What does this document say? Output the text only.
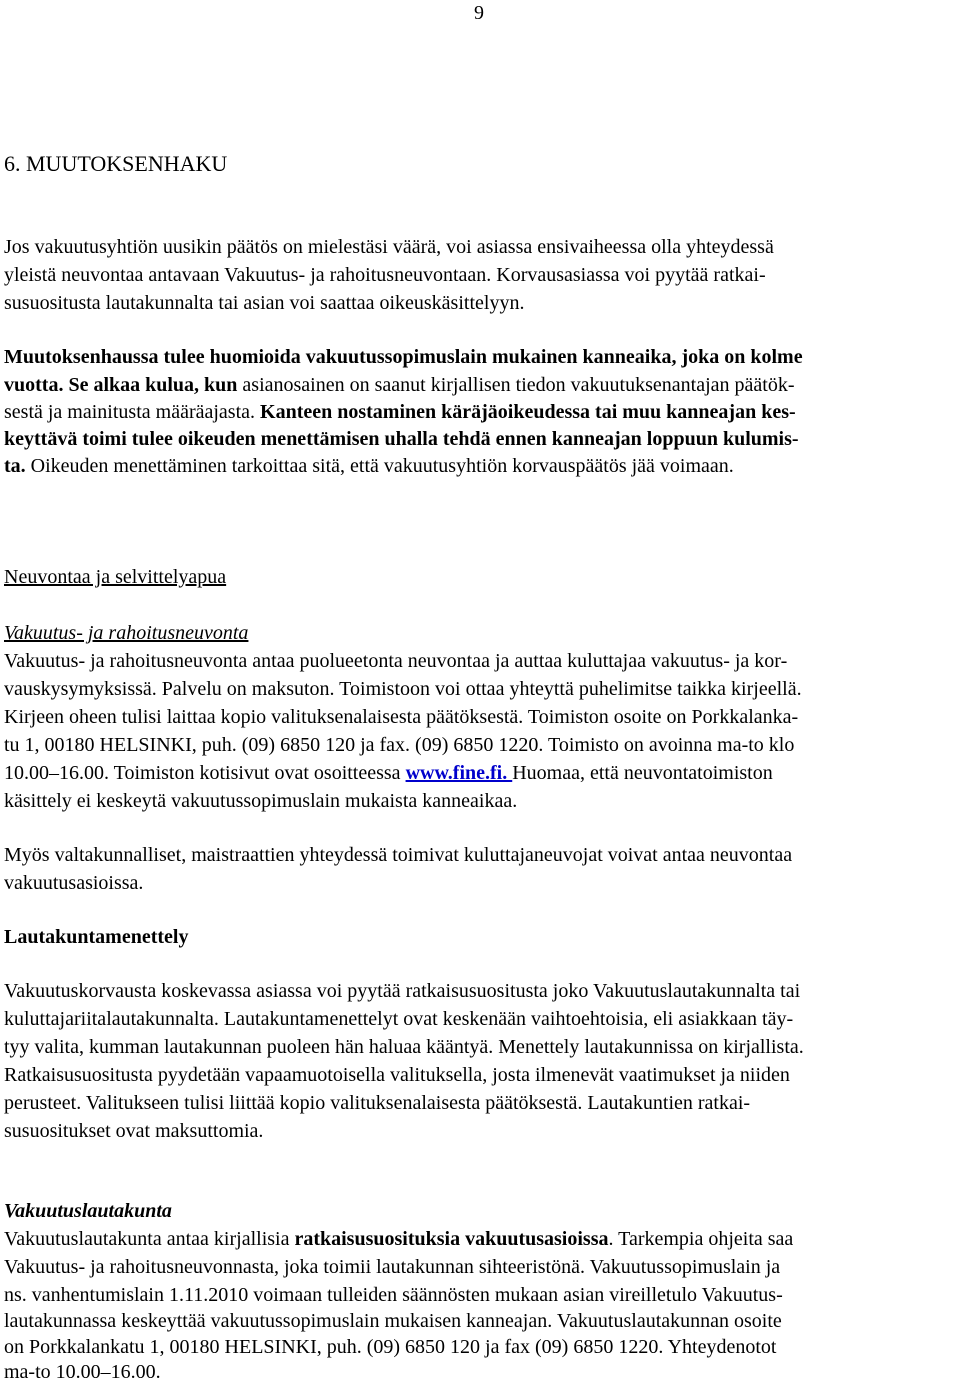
9
6. MUUTOKSENHAKU
Jos vakuutusyhtiön uusikin päätös on mielestäsi väärä, voi asiassa ensivaiheessa olla yhteydessä
yleistä neuvontaa antavaan Vakuutus- ja rahoitusneuvontaan. Korvausasiassa voi pyytää ratkai-
susuositusta lautakunnalta tai asian voi saattaa oikeuskäsittelyyn.
Muutoksenhaussa tulee huomioida vakuutussopimuslain mukainen kanneaika, joka on kolme
vuotta. Se alkaa kulua, kun asianosainen on saanut kirjallisen tiedon vakuutuksenantajan päätök-
sestä ja mainitusta määräajasta. Kanteen nostaminen käräjäoikeudessa tai muu kanneajan kes-
keyttävä toimi tulee oikeuden menettämisen uhalla tehdä ennen kanneajan loppuun kulumis-
ta. Oikeuden menettäminen tarkoittaa sitä, että vakuutusyhtiön korvauspäätös jää voimaan.
Neuvontaa ja selvittelyapua
Vakuutus- ja rahoitusneuvonta
Vakuutus- ja rahoitusneuvonta antaa puolueetonta neuvontaa ja auttaa kuluttajaa vakuutus- ja kor-
vauskysymyksissä. Palvelu on maksuton. Toimistoon voi ottaa yhteyttä puhelimitse taikka kirjeellä.
Kirjeen oheen tulisi laittaa kopio valituksenalaisesta päätöksestä. Toimiston osoite on Porkkalanka-
tu 1, 00180 HELSINKI, puh. (09) 6850 120 ja fax. (09) 6850 1220. Toimisto on avoinna ma-to klo
10.00–16.00. Toimiston kotisivut ovat osoitteessa www.fine.fi. Huomaa, että neuvontatoimiston
käsittely ei keskeytä vakuutussopimuslain mukaista kanneaikaa.
Myös valtakunnalliset, maistraattien yhteydessä toimivat kuluttajaneuvojat voivat antaa neuvontaa
vakuutusasioissa.
Lautakuntamenettely
Vakuutuskorvausta koskevassa asiassa voi pyytää ratkaisusuositusta joko Vakuutuslautakunnalta tai
kuluttajariitalautakunnalta. Lautakuntamenettelyt ovat keskenään vaihtoehtoisia, eli asiakkaan täy-
tyy valita, kumman lautakunnan puoleen hän haluaa kääntyä. Menettely lautakunnissa on kirjallista.
Ratkaisusuositusta pyydetään vapaamuotoisella valituksella, josta ilmenevät vaatimukset ja niiden
perusteet. Valitukseen tulisi liittää kopio valituksenalaisesta päätöksestä. Lautakuntien ratkai-
susuositukset ovat maksuttomia.
Vakuutuslautakunta
Vakuutuslautakunta antaa kirjallisia ratkaisusuosituksia vakuutusasioissa. Tarkempia ohjeita saa
Vakuutus- ja rahoitusneuvonnasta, joka toimii lautakunnan sihteeristönä. Vakuutussopimuslain ja
ns. vanhentumislain 1.11.2010 voimaan tulleiden säännösten mukaan asian vireilletulo Vakuutus-
lautakunnassa keskeyttää vakuutussopimuslain mukaisen kanneajan. Vakuutuslautakunnan osoite
on Porkkalankatu 1, 00180 HELSINKI, puh. (09) 6850 120 ja fax (09) 6850 1220. Yhteydenotot
ma-to 10.00–16.00.
